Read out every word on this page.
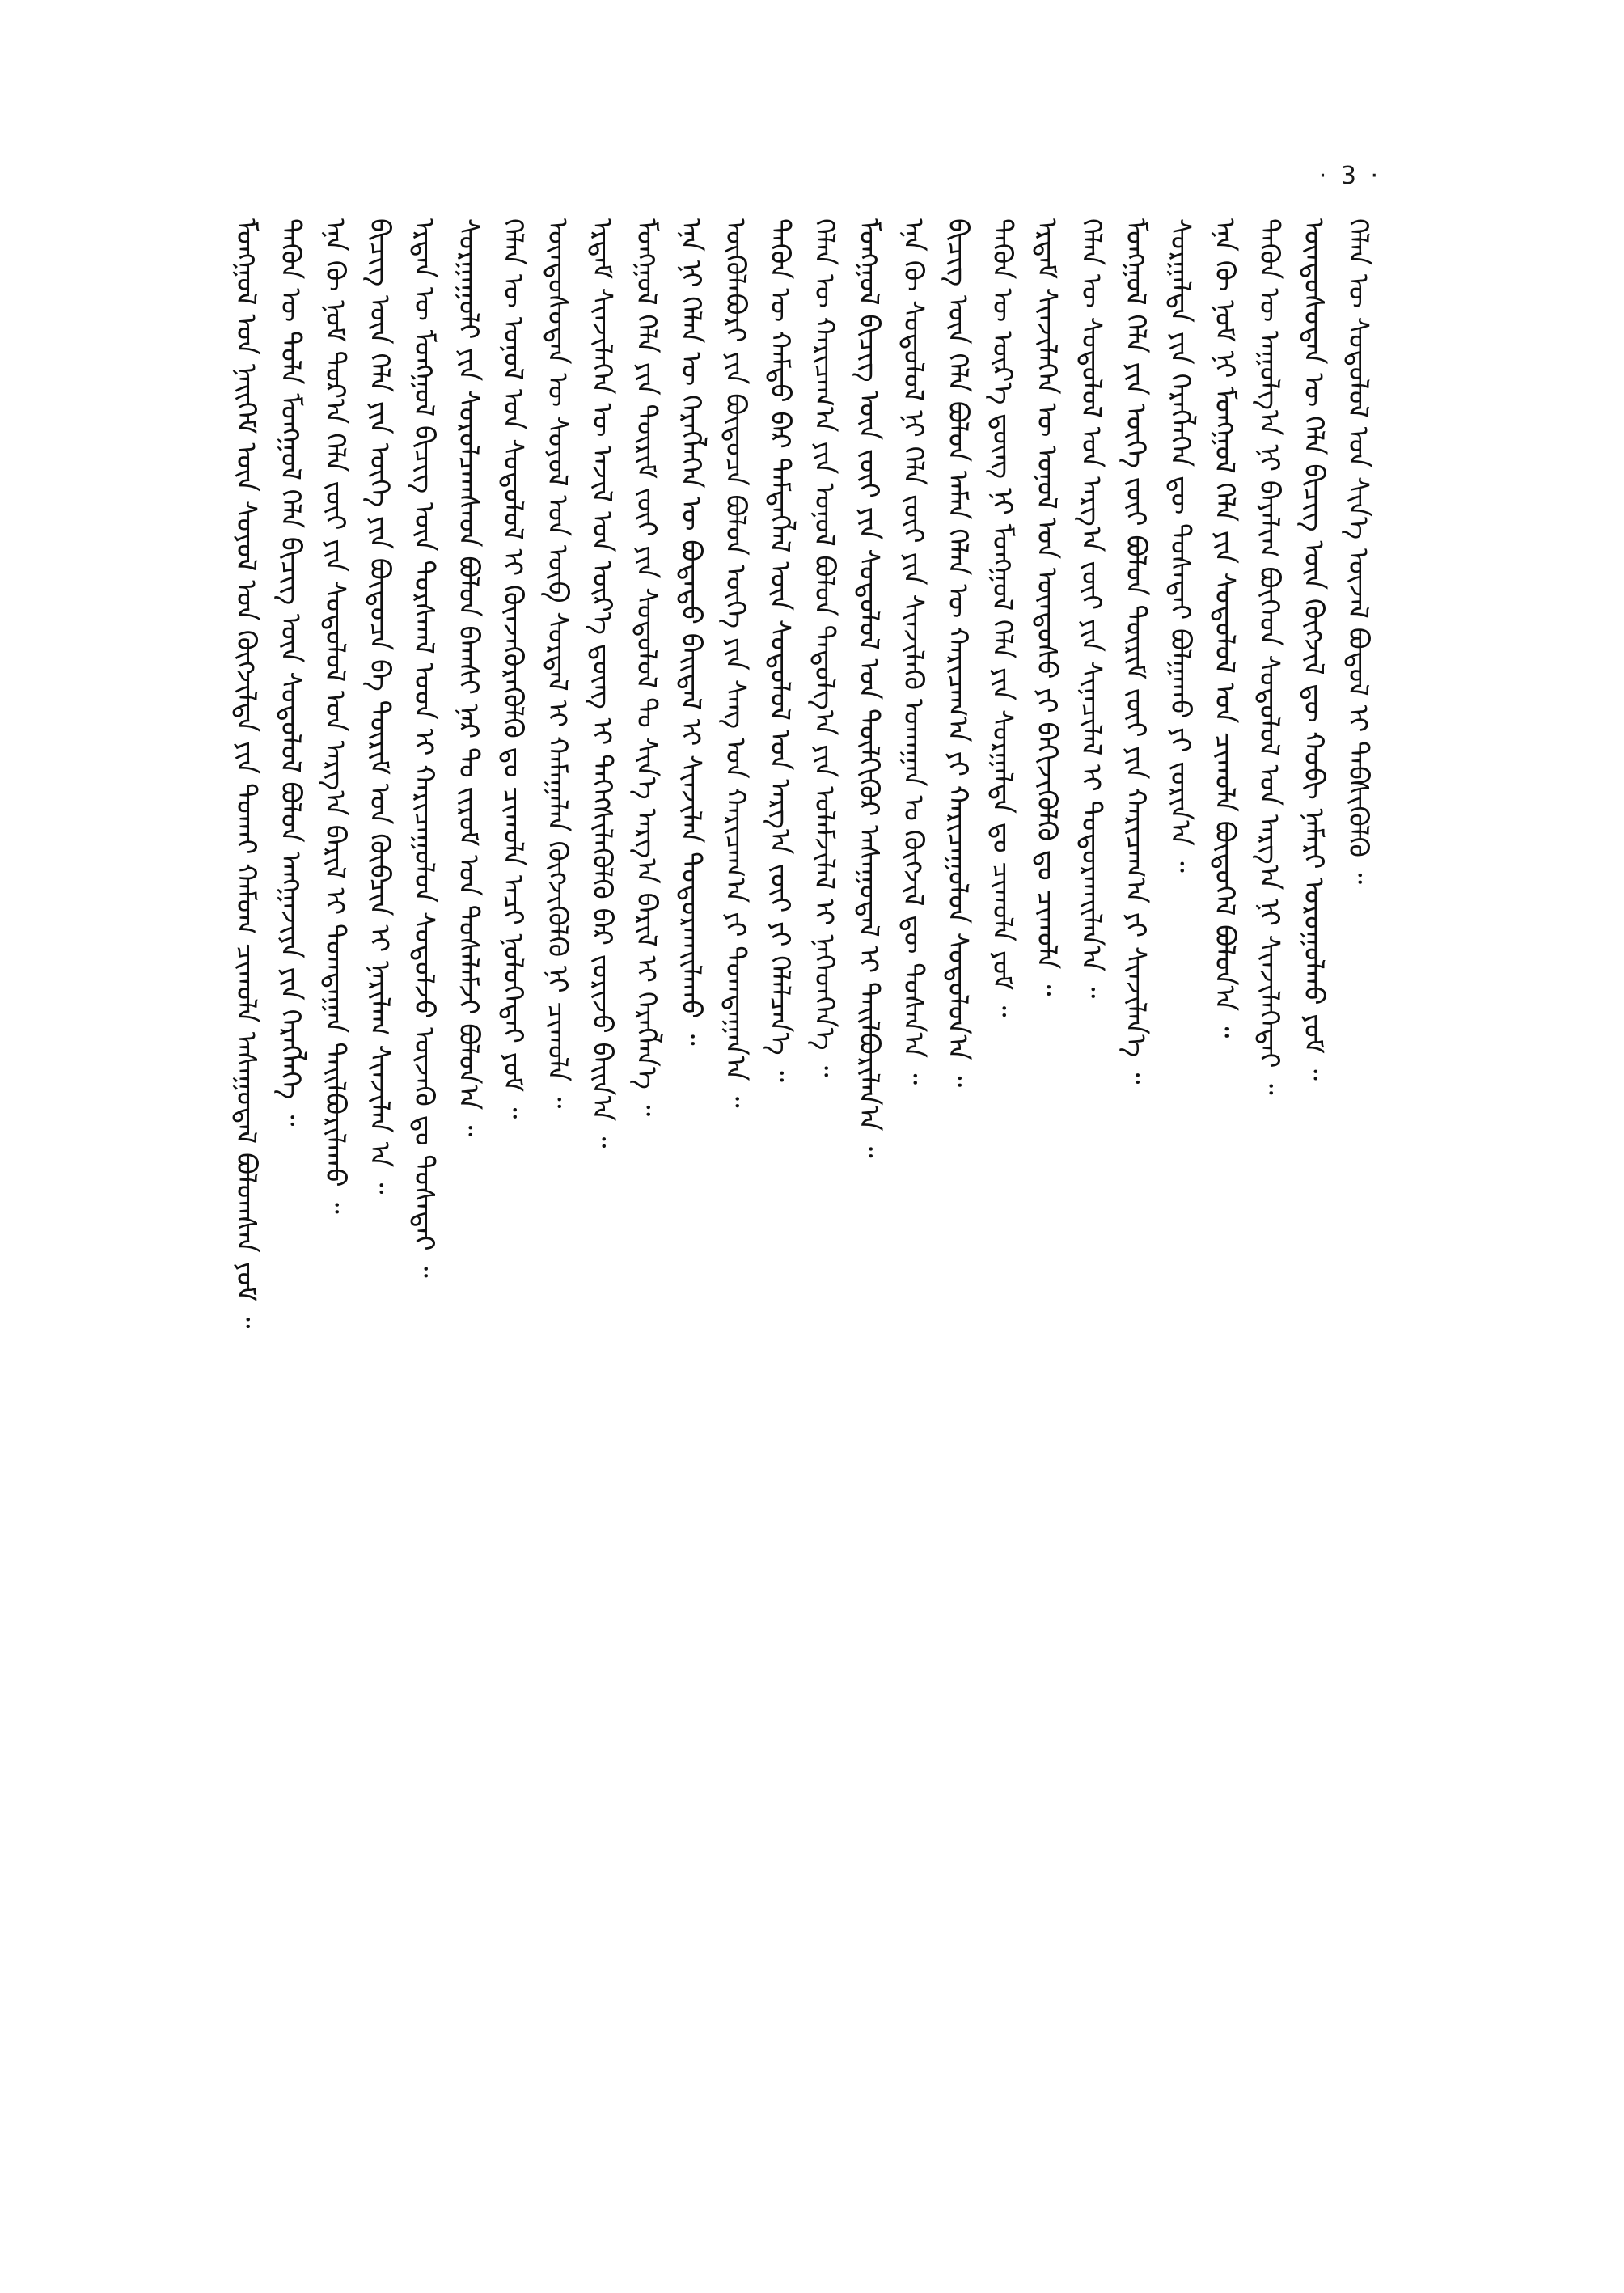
· 3 ·
ᠮᠣᠩᠭᠣᠯ ᠤᠨ ᠨᠡᠢᠭᠡᠮ ᠦᠨ ᠰᠤᠶᠤᠯ ᠤᠨ ᠬᠥᠭᠵᠢᠯᠲᠡ ᠶᠢᠨ ᠲᠤᠬᠠᠢ ᠬᠠᠮᠤᠭ ᠴᠢᠬᠤᠯᠠ ᠠᠰᠠᠭᠤᠳᠠᠯ ᠪᠣᠯᠤᠭᠰᠠᠨ ᠶᠤᠮ ᠃ ᠲᠡᠭᠦᠨ ᠦ ᠲᠤᠯᠠ ᠮᠣᠩᠭᠣᠯ ᠬᠡᠯᠡ ᠪᠢᠴᠢᠭ ᠦᠨ ᠰᠤᠳᠤᠯᠤᠯ ᠪᠣᠯᠤᠨ ᠠᠩᠭ᠋ᠠᠵᠢᠶᠠ ᠶᠢᠨ ᠬᠡᠷᠡᠭᠯᠡᠭᠡ ᠃ ᠡᠨᠡ ᠬᠦ ᠨᠤᠮ ᠳᠣᠷ᠎ᠠ ᠬᠡᠯᠡ ᠵᠦᠢ ᠶᠢᠨ ᠰᠤᠳᠤᠯᠤᠯ ᠤᠨ ᠠᠷᠭ᠎ᠠ ᠪᠠᠷᠢᠯ ᠢ ᠲᠣᠭᠲᠠᠭᠠᠨ ᠲᠠᠢᠯᠪᠤᠷᠢᠯᠠᠬᠤ ᠃ ᠪᠢᠴᠢᠭ ᠦᠨ ᠬᠡᠯᠡ ᠶᠢᠨ ᠦᠬᠡ ᠶᠢᠨ ᠪᠦᠲᠦᠴᠡ ᠪᠠ ᠳᠦᠷᠢᠮ ᠤᠨ ᠬᠥᠪᠴᠢᠨ ᠢ ᠨᠠᠷᠢᠯᠠᠭ ᠰᠢᠨᠵᠢᠯᠡᠨ ᠠ ᠃ ᠡᠷᠲᠡᠨ ᠦ ᠮᠣᠩᠭᠣᠯ ᠪᠢᠴᠢᠭ ᠦᠨ ᠳᠤᠷᠰᠭᠠᠯ ᠤᠳ ᠢ ᠬᠠᠷᠢᠴᠠᠭᠤᠯᠤᠨ ᠰᠤᠳᠤᠯᠵᠤ ᠦᠵᠡᠬᠦ ᠳᠤ ᠲᠤᠰᠠᠲᠠᠢ ᠃ ᠰᠤᠷᠭᠠᠭᠤᠯᠢ ᠶᠢᠨ ᠰᠤᠷᠤᠯᠴᠠᠭᠰᠠᠳ ᠪᠣᠯᠤᠨ ᠪᠠᠭᠰᠢ ᠨᠠᠷ ᠲᠤ ᠵᠢᠷᠤᠮ ᠤᠨ ᠲᠤᠰᠠᠯᠠᠮᠵᠢ ᠪᠣᠯᠤᠨ᠎ᠠ ᠃ ᠬᠡᠯᠡᠨ ᠦ ᠣᠨᠣᠯ ᠤᠨ ᠰᠤᠳᠤᠯᠤᠯ ᠢ ᠭᠦᠨᠵᠡᠭᠦᠷᠡᠭᠦᠯᠬᠦ ᠳᠤ ᠴᠢᠬᠤᠯᠠ ᠠᠴᠢ ᠨᠣᠯᠥᠭᠡᠲᠡᠢ ᠶᠤᠮ ᠃ ᠦᠨᠳᠦᠰᠦᠲᠡᠨ ᠦ ᠰᠣᠶᠣᠯ ᠤᠨ ᠦᠪ ᠰᠤᠷᠲᠠᠯ ᠢ ᠬᠠᠮᠠᠭᠠᠯᠠᠨ ᠬᠥᠭᠵᠢᠭᠦᠯᠬᠦ ᠨᠢ ᠴᠢᠬᠤᠯᠠ ᠃ ᠡᠷᠳᠡᠮ ᠰᠢᠨᠵᠢᠯᠡᠭᠡᠨ ᠦ ᠠᠵᠢᠯ ᠤᠨ ᠦᠷ᠎ᠡ ᠳ᠋ᠦᠩ ᠢ ᠳᠡᠭᠡᠭᠰᠢᠯᠡᠭᠦᠯᠬᠦ ᠪᠠᠷ ᠵᠣᠷᠢᠵᠤ ᠪᠠᠢᠨ᠎ᠠ ᠃ ᠮᠣᠩᠭᠣᠯ ᠬᠡᠯᠡ ᠶᠢᠨ ᠳᠦᠷᠢᠮ ᠵᠦᠢ ᠶᠢᠨ ᠰᠤᠳᠤᠯᠤᠯ ᠲᠤ ᠰᠢᠨ᠎ᠡ ᠠᠷᠭ᠎ᠠ ᠪᠠᠷᠢᠯ ᠢ ᠬᠡᠷᠡᠭᠯᠡᠨ᠎ᠡ ᠃ ᠡᠨᠡ ᠨᠢ ᠬᠡᠯᠡᠨ ᠦ ᠬᠡᠷᠡᠭᠯᠡᠭᠡᠨ ᠦ ᠪᠣᠳᠠᠲᠤ ᠪᠠᠢᠳᠠᠯ ᠢ ᠰᠢᠨᠵᠢᠯᠡᠨ ᠲᠣᠳᠣᠷᠬᠠᠢᠯᠠᠬᠤ ᠃ ᠦᠭᠦᠯᠡᠪᠦᠷᠢ ᠶᠢᠨ ᠪᠦᠲᠦᠴᠡ ᠪᠣᠯᠤᠨ ᠦᠭᠡ ᠶᠢᠨ ᠰᠠᠩ ᠤᠨ ᠬᠠᠷᠢᠴᠠᠭ᠎ᠠ ᠶᠢ ᠲᠣᠭᠲᠠᠭᠠᠨ᠎ᠠ ᠃ ᠲᠡᠭᠦᠨ ᠦ ᠬᠠᠮᠲᠤ ᠪᠡᠷ ᠲᠡᠮᠳᠡᠭᠯᠡᠯ ᠦᠨ ᠰᠤᠳᠤᠯᠤᠯ ᠤᠨ ᠠᠷᠭ᠎ᠠ ᠵᠦᠢ ᠶᠢ ᠬᠡᠯᠡᠯᠴᠡᠨ᠎ᠡ ᠃ ᠬᠡᠯᠡᠨ ᠦ ᠬᠠᠷᠢᠴᠠᠭ᠎ᠠ ᠶᠢᠨ ᠣᠨᠣᠯ ᠪᠣᠯᠤᠨ ᠳᠠᠳᠤᠯᠭ᠎ᠠ ᠶᠢᠨ ᠤᠯᠠᠮᠵᠢᠯᠠᠯ ᠢ ᠨᠡᠭᠡᠳᠬᠡᠨ᠎ᠡ ᠃ ᠮᠣᠩᠭᠣᠯ ᠪᠢᠴᠢᠭ ᠦᠨ ᠵᠦᠢ ᠶᠢᠨ ᠰᠤᠳᠤᠯᠤᠯ ᠤᠨ ᠲᠦᠯᠬᠢᠭᠦᠷ ᠠᠰᠠᠭᠤᠳᠠᠯ ᠢ ᠲᠠᠢᠯᠪᠤᠷᠢᠯᠠᠨ᠎ᠠ ᠃ ᠡᠨᠡ ᠬᠦ ᠰᠤᠳᠤᠯᠤᠯ ᠨᠢ ᠬᠡᠯᠡ ᠵᠦᠢ ᠶᠢᠨ ᠰᠢᠨᠵᠢᠯᠡᠬᠦ ᠤᠬᠠᠭᠠᠨ ᠤ ᠬᠥᠭᠵᠢᠯ ᠳᠦ ᠲᠤᠰᠠᠨ᠎ᠠ ᠃ ᠪᠢᠴᠢᠭ ᠦᠨ ᠬᠡᠯᠡ ᠪᠣᠯᠤᠨ ᠠᠮᠠᠨ ᠬᠡᠯᠡᠨ ᠦ ᠬᠠᠷᠢᠴᠠᠭ᠎ᠠ ᠶᠢ ᠬᠠᠷᠢᠴᠠᠭᠤᠯᠤᠨ ᠰᠤᠳᠤᠯᠤᠨ᠎ᠠ ᠃ ᠲᠡᠭᠦᠨ ᠦ ᠦᠷ᠎ᠡ ᠳ᠋ᠦᠩ ᠨᠢ ᠮᠣᠩᠭᠣᠯ ᠬᠡᠯᠡ ᠶᠢᠨ ᠰᠤᠷᠭᠠᠯᠲᠠ ᠳᠤ ᠴᠢᠬᠤᠯᠠ ᠶᠤᠮ ᠃ ᠡᠷᠳᠡᠮ ᠰᠢᠨᠵᠢᠯᠡᠭᠡᠨ ᠦ ᠣᠨᠣᠯ ᠤᠨ ᠦᠨᠳᠦᠰᠦ ᠶᠢ ᠪᠡᠬᠢᠵᠢᠭᠦᠯᠬᠦ ᠳᠤ ᠴᠢᠬᠤᠯᠠ ᠃ ᠬᠡᠯᠡᠨ ᠦ ᠰᠤᠳᠤᠯᠤᠯ ᠤᠨ ᠠᠷᠭ᠎ᠠ ᠵᠦᠢ ᠶᠢᠨ ᠰᠢᠨᠡᠴᠢᠯᠡᠯ ᠢ ᠲᠣᠳᠣᠷᠬᠠᠢᠯᠠᠨ᠎ᠠ ᠃ ᠮᠣᠩᠭᠣᠯ ᠬᠡᠯᠡ ᠶᠢᠨ ᠦᠭᠡ ᠵᠦᠢ ᠪᠣᠯᠤᠨ ᠳᠦᠷᠢᠮ ᠵᠦᠢ ᠶᠢᠨ ᠬᠠᠷᠢᠴᠠᠭ᠎ᠠ ᠶᠢ ᠰᠢᠨᠵᠢᠯᠡᠨ᠎ᠡ ᠃ ᠰᠤᠷᠭᠠᠯᠲᠠ ᠶᠢᠨ ᠬᠡᠷᠡᠭᠯᠡᠭᠡᠨ ᠳᠦ ᠲᠤᠰᠠᠲᠠᠢ ᠪᠣᠯᠭᠠᠬᠤ ᠶᠢ ᠵᠣᠷᠢᠨ᠎ᠠ ᠃ ᠡᠨᠡ ᠬᠦ ᠨᠣᠮ ᠨᠢ ᠮᠣᠩᠭᠣᠯ ᠬᠡᠯᠡ ᠶᠢᠨ ᠰᠤᠳᠤᠯᠤᠯ ᠤᠨ ᠴᠢᠬᠤᠯᠠ ᠪᠦᠲᠦᠭᠡᠯ ᠪᠣᠯᠤᠨ᠎ᠠ ᠃ ᠲᠡᠭᠦᠨ ᠦ ᠠᠭᠤᠯᠭ᠎ᠠ ᠨᠢ ᠪᠠᠶᠠᠯᠢᠭ ᠪᠥᠭᠡᠳ ᠰᠤᠳᠤᠯᠤᠯ ᠤᠨ ᠠᠷᠭ᠎ᠠ ᠨᠢ ᠰᠢᠨᠵᠢᠯᠡᠭᠡᠲᠡᠢ ᠃ ᠦᠨᠳᠦᠰᠦᠲᠡᠨ ᠦ ᠬᠡᠯᠡ ᠪᠢᠴᠢᠭ ᠦᠨ ᠬᠥᠭᠵᠢᠯ ᠳᠦ ᠬᠤᠪᠢ ᠨᠡᠮᠡᠷᠢ ᠣᠷᠣᠭᠤᠯᠬᠤ ᠶᠤᠮ ᠃ ᠬᠡᠯᠡᠨ ᠦ ᠰᠤᠳᠤᠯᠤᠯ ᠤᠨ ᠰᠢᠨ᠎ᠡ ᠦᠵᠡᠯ ᠪᠣᠳᠤᠯ ᠢ ᠳᠡᠪᠰᠢᠭᠦᠯᠬᠦ ᠃
